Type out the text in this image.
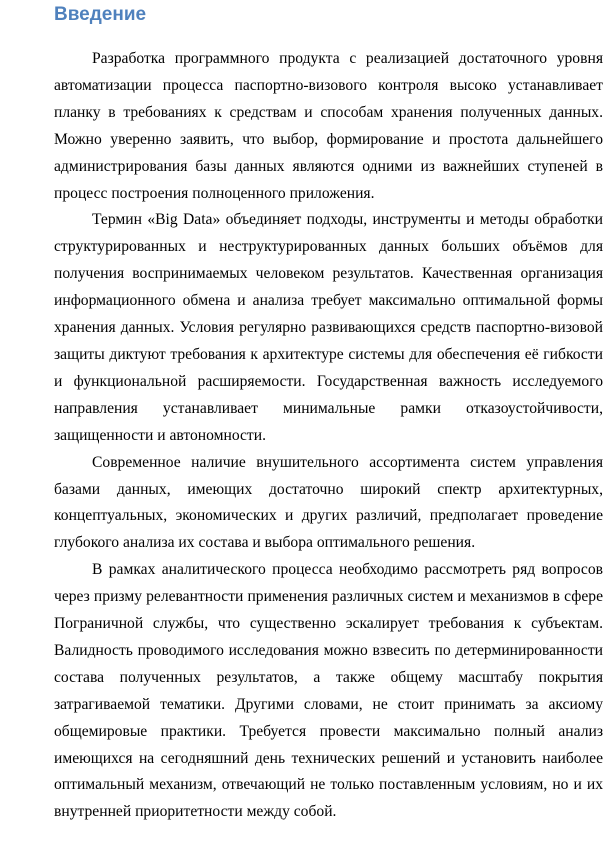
Введение

Разработка программного продукта с реализацией достаточного уровня автоматизации процесса паспортно-визового контроля высоко устанавливает планку в требованиях к средствам и способам хранения полученных данных. Можно уверенно заявить, что выбор, формирование и простота дальнейшего администрирования базы данных являются одними из важнейших ступеней в процесс построения полноценного приложения.

Термин «Big Data» объединяет подходы, инструменты и методы обработки структурированных и неструктурированных данных больших объёмов для получения воспринимаемых человеком результатов. Качественная организация информационного обмена и анализа требует максимально оптимальной формы хранения данных. Условия регулярно развивающихся средств паспортно-визовой защиты диктуют требования к архитектуре системы для обеспечения её гибкости и функциональной расширяемости. Государственная важность исследуемого направления устанавливает минимальные рамки отказоустойчивости, защищенности и автономности.

Современное наличие внушительного ассортимента систем управления базами данных, имеющих достаточно широкий спектр архитектурных, концептуальных, экономических и других различий, предполагает проведение глубокого анализа их состава и выбора оптимального решения.

В рамках аналитического процесса необходимо рассмотреть ряд вопросов через призму релевантности применения различных систем и механизмов в сфере Пограничной службы, что существенно эскалирует требования к субъектам. Валидность проводимого исследования можно взвесить по детерминированности состава полученных результатов, а также общему масштабу покрытия затрагиваемой тематики. Другими словами, не стоит принимать за аксиому общемировые практики. Требуется провести максимально полный анализ имеющихся на сегодняшний день технических решений и установить наиболее оптимальный механизм, отвечающий не только поставленным условиям, но и их внутренней приоритетности между собой.
